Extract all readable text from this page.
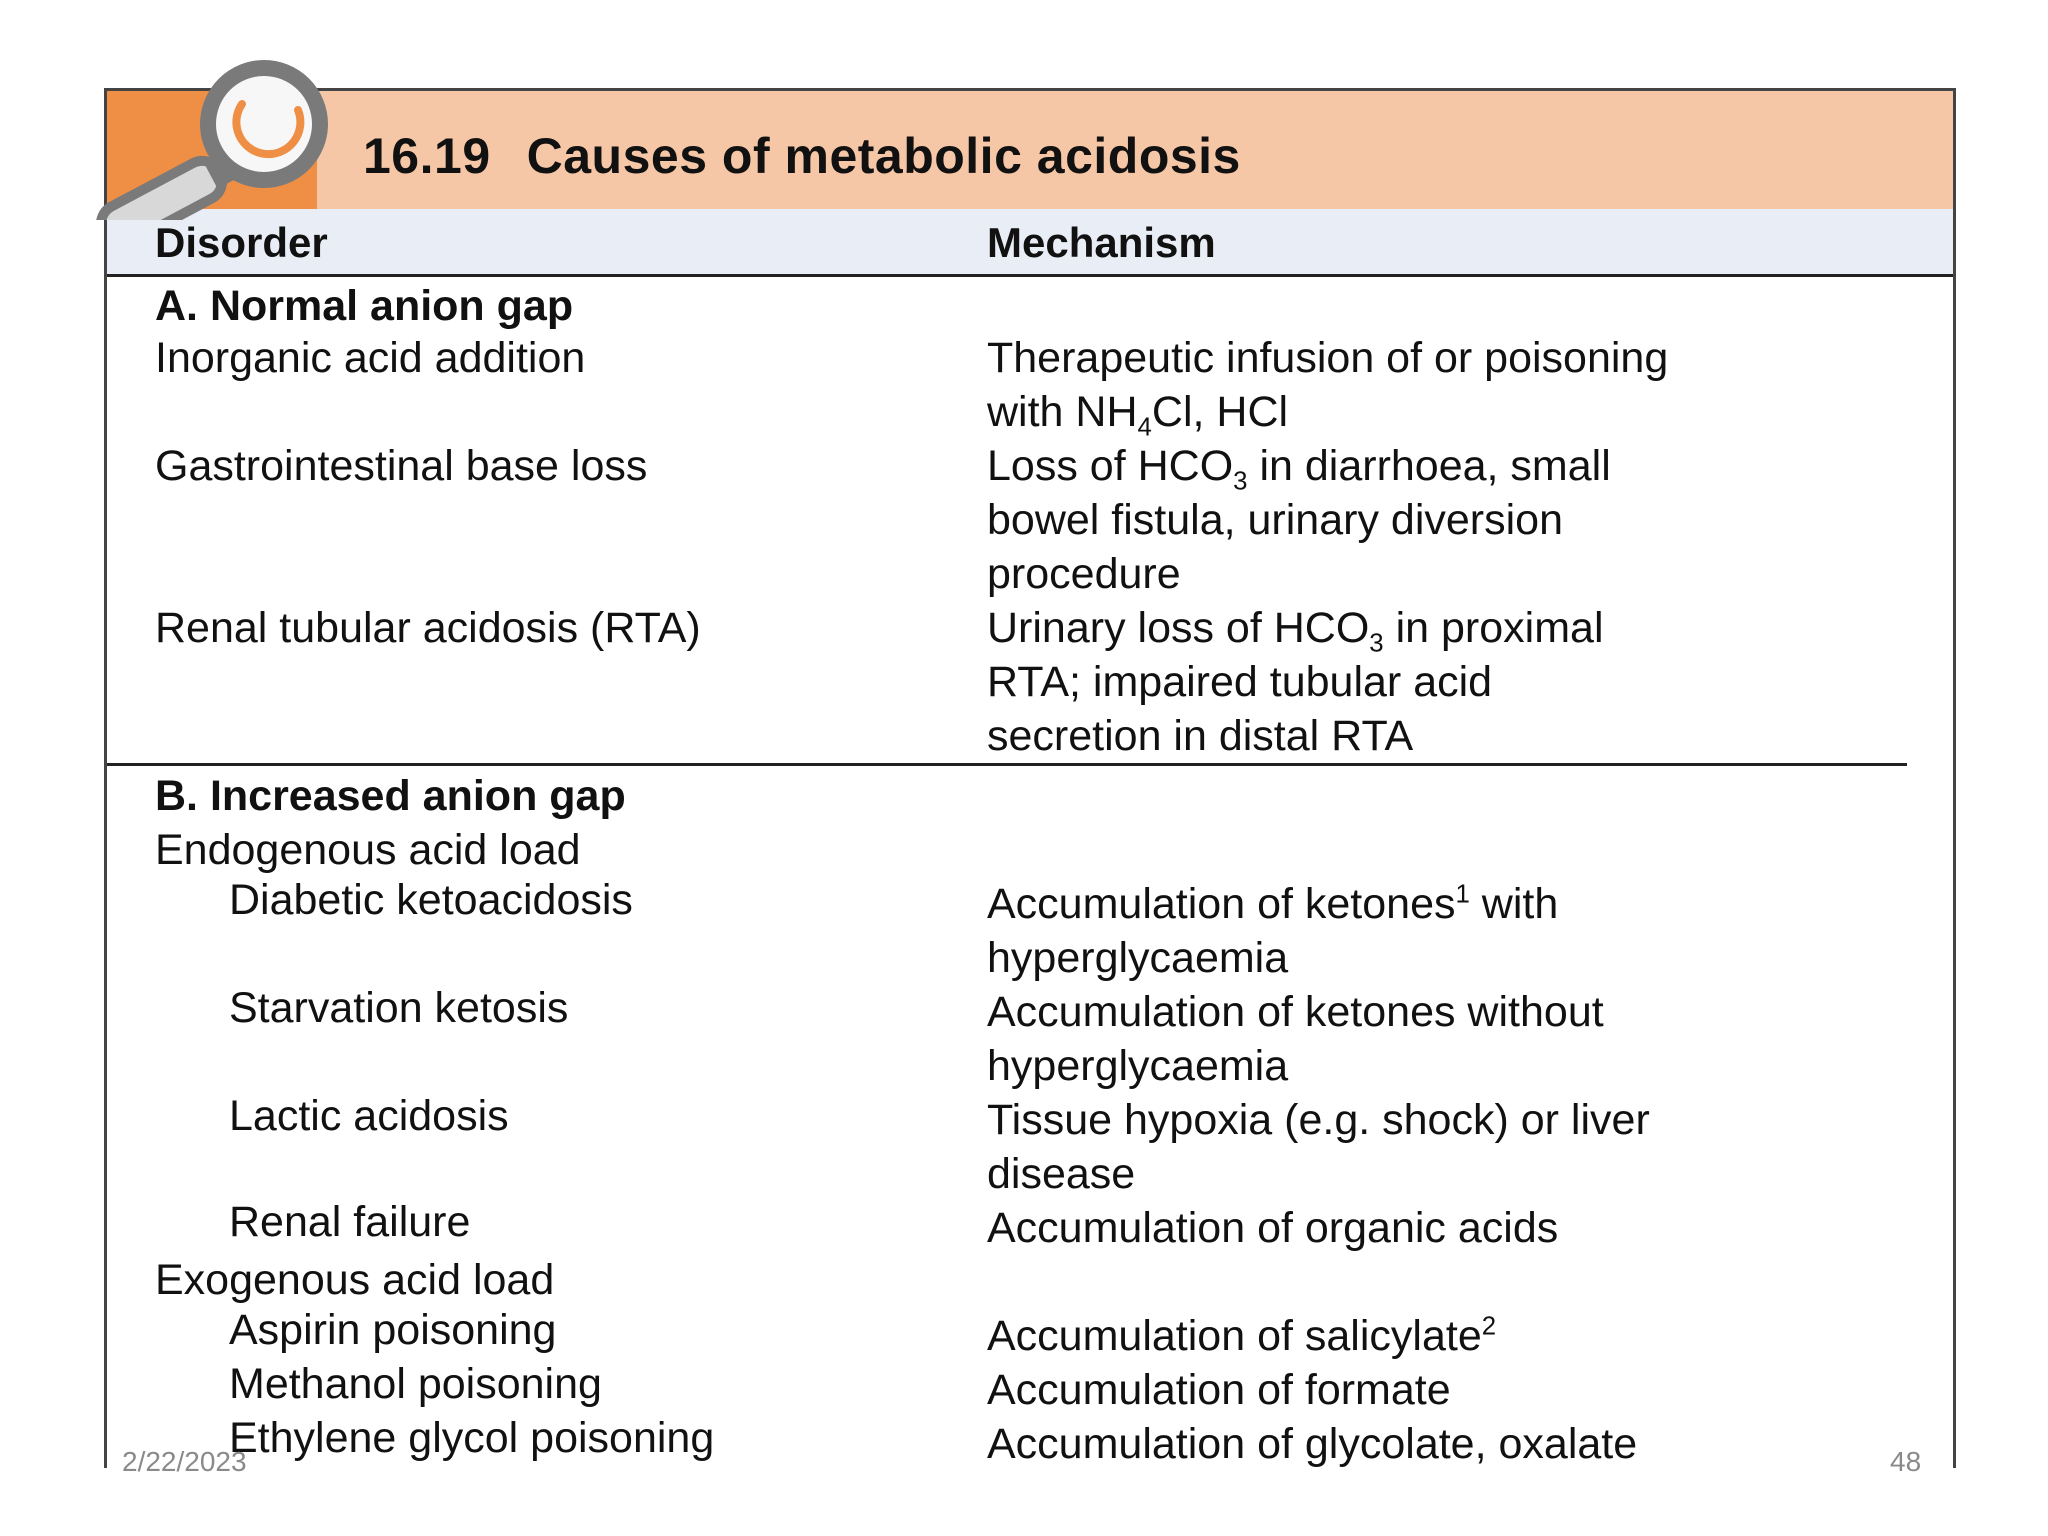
16.19 Causes of metabolic acidosis
Disorder	Mechanism
A. Normal anion gap
Inorganic acid addition	Therapeutic infusion of or poisoning
with $NH_4Cl$, HCl
Gastrointestinal base loss	Loss of $HCO_3$ in diarrhoea, small
bowel fistula, urinary diversion
procedure
Renal tubular acidosis (RTA)	Urinary loss of $HCO_3$ in proximal
RTA; impaired tubular acid
secretion in distal RTA
B. Increased anion gap
Endogenous acid load
Diabetic ketoacidosis	Accumulation of ketones$^1$ with
hyperglycaemia
Starvation ketosis	Accumulation of ketones without
hyperglycaemia
Lactic acidosis	Tissue hypoxia (e.g. shock) or liver
disease
Renal failure	Accumulation of organic acids
Exogenous acid load
Aspirin poisoning	Accumulation of salicylate$^2$
Methanol poisoning	Accumulation of formate
Ethylene glycol poisoning	Accumulation of glycolate, oxalate
2/22/2023	48
